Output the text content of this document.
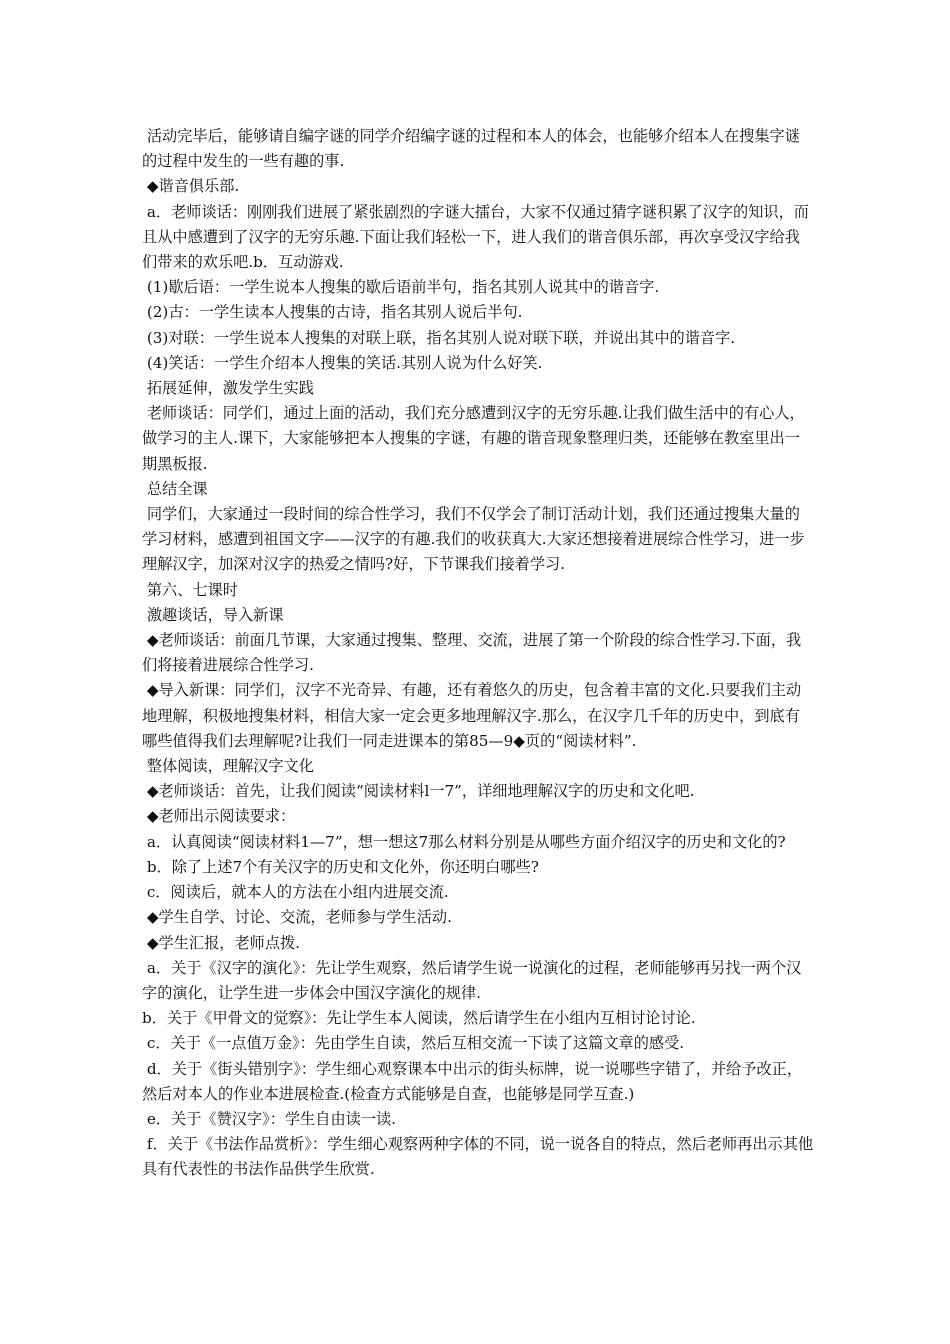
活动完毕后，能够请自编字谜的同学介绍编字谜的过程和本人的体会，也能够介绍本人在搜集字谜的过程中发生的一些有趣的事.

◆谐音俱乐部.

a．老师谈话：刚刚我们进展了紧张剧烈的字谜大擂台，大家不仅通过猜字谜积累了汉字的知识，而且从中感遭到了汉字的无穷乐趣.下面让我们轻松一下，进人我们的谐音俱乐部，再次享受汉字给我们带来的欢乐吧.b．互动游戏.

(1)歇后语：一学生说本人搜集的歇后语前半句，指名其别人说其中的谐音字.

(2)古：一学生读本人搜集的古诗，指名其别人说后半句.

(3)对联：一学生说本人搜集的对联上联，指名其别人说对联下联，并说出其中的谐音字.

(4)笑话：一学生介绍本人搜集的笑话.其别人说为什么好笑.

拓展延伸，激发学生实践

老师谈话：同学们，通过上面的活动，我们充分感遭到汉字的无穷乐趣.让我们做生活中的有心人，做学习的主人.课下，大家能够把本人搜集的字谜，有趣的谐音现象整理归类，还能够在教室里出一期黑板报.

总结全课

同学们，大家通过一段时间的综合性学习，我们不仅学会了制订活动计划，我们还通过搜集大量的学习材料，感遭到祖国文字——汉字的有趣.我们的收获真大.大家还想接着进展综合性学习，进一步理解汉字，加深对汉字的热爱之情吗?好，下节课我们接着学习.

第六、七课时

激趣谈话，导入新课

◆老师谈话：前面几节课，大家通过搜集、整理、交流，进展了第一个阶段的综合性学习.下面，我们将接着进展综合性学习.

◆导入新课：同学们，汉字不光奇异、有趣，还有着悠久的历史，包含着丰富的文化.只要我们主动地理解，积极地搜集材料，相信大家一定会更多地理解汉字.那么，在汉字几千年的历史中，到底有哪些值得我们去理解呢?让我们一同走进课本的第85—9◆页的“阅读材料”.

整体阅读，理解汉字文化

◆老师谈话：首先，让我们阅读“阅读材料l一7”，详细地理解汉字的历史和文化吧.

◆老师出示阅读要求：

a．认真阅读“阅读材料1—7”，想一想这7那么材料分别是从哪些方面介绍汉字的历史和文化的?

b．除了上述7个有关汉字的历史和文化外，你还明白哪些?

c．阅读后，就本人的方法在小组内进展交流.

◆学生自学、讨论、交流，老师参与学生活动.

◆学生汇报，老师点拨.

a．关于《汉字的演化》：先让学生观察，然后请学生说一说演化的过程，老师能够再另找一两个汉字的演化，让学生进一步体会中国汉字演化的规律.

b．关于《甲骨文的觉察》：先让学生本人阅读，然后请学生在小组内互相讨论讨论.

c．关于《一点值万金》：先由学生自读，然后互相交流一下读了这篇文章的感受.

d．关于《街头错别字》：学生细心观察课本中出示的街头标牌，说一说哪些字错了，并给予改正，然后对本人的作业本进展检查.(检查方式能够是自查，也能够是同学互查.)

e．关于《赞汉字》：学生自由读一读.

f．关于《书法作品赏析》：学生细心观察两种字体的不同，说一说各自的特点，然后老师再出示其他具有代表性的书法作品供学生欣赏.
